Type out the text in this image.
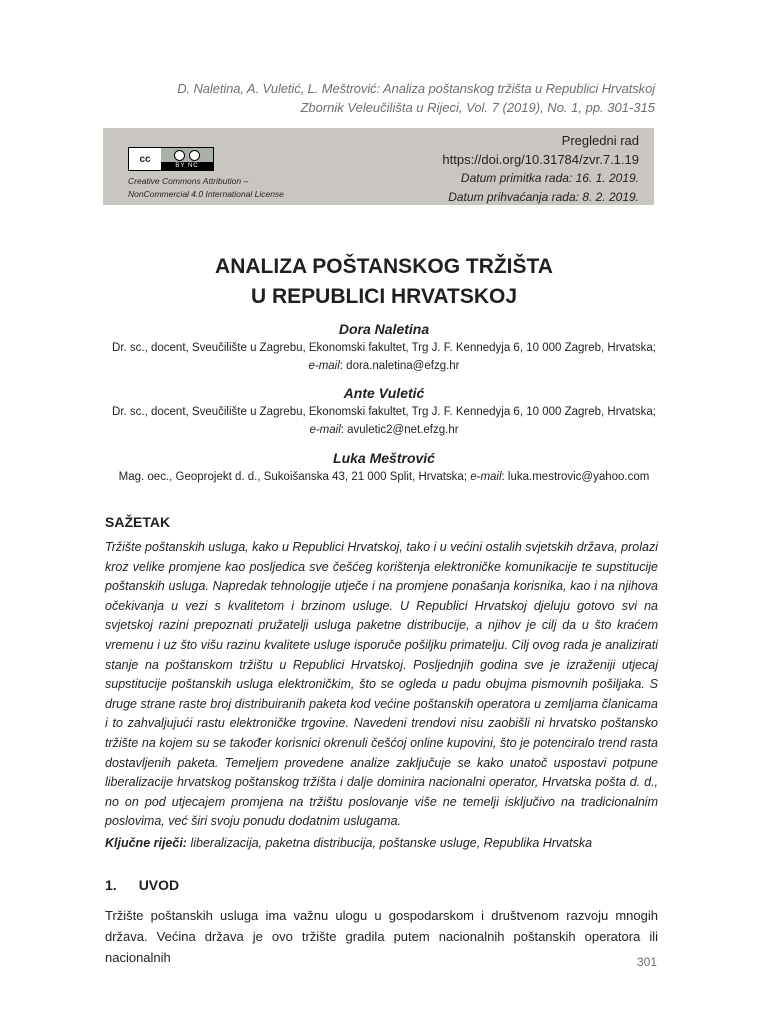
D. Naletina, A. Vuletić, L. Meštrović: Analiza poštanskog tržišta u Republici Hrvatskoj
Zbornik Veleučilišta u Rijeci, Vol. 7 (2019), No. 1, pp. 301-315
cc
BY NC
Creative Commons Attribution –
NonCommercial 4.0 International License
Pregledni rad
https://doi.org/10.31784/zvr.7.1.19
Datum primitka rada: 16. 1. 2019.
Datum prihvaćanja rada: 8. 2. 2019.
ANALIZA POŠTANSKOG TRŽIŠTA
U REPUBLICI HRVATSKOJ
Dora Naletina
Dr. sc., docent, Sveučilište u Zagrebu, Ekonomski fakultet, Trg J. F. Kennedyja 6, 10 000 Zagreb, Hrvatska;
e-mail: dora.naletina@efzg.hr
Ante Vuletić
Dr. sc., docent, Sveučilište u Zagrebu, Ekonomski fakultet, Trg J. F. Kennedyja 6, 10 000 Zagreb, Hrvatska;
e-mail: avuletic2@net.efzg.hr
Luka Meštrović
Mag. oec., Geoprojekt d. d., Sukoišanska 43, 21 000 Split, Hrvatska; e-mail: luka.mestrovic@yahoo.com
SAŽETAK
Tržište poštanskih usluga, kako u Republici Hrvatskoj, tako i u većini ostalih svjetskih država, prolazi kroz velike promjene kao posljedica sve češćeg korištenja elektroničke komunikacije te supstitucije poštanskih usluga. Napredak tehnologije utječe i na promjene ponašanja korisnika, kao i na njihova očekivanja u vezi s kvalitetom i brzinom usluge. U Republici Hrvatskoj djeluju gotovo svi na svjetskoj razini prepoznati pružatelji usluga paketne distribucije, a njihov je cilj da u što kraćem vremenu i uz što višu razinu kvalitete usluge isporuče pošiljku primatelju. Cilj ovog rada je analizirati stanje na poštanskom tržištu u Republici Hrvatskoj. Posljednjih godina sve je izraženiji utjecaj supstitucije poštanskih usluga elektroničkim, što se ogleda u padu obujma pismovnih pošiljaka. S druge strane raste broj distribuiranih paketa kod većine poštanskih operatora u zemljama članicama i to zahvaljujući rastu elektroničke trgovine. Navedeni trendovi nisu zaobišli ni hrvatsko poštansko tržište na kojem su se također korisnici okrenuli češćoj online kupovini, što je potenciralo trend rasta dostavljenih paketa. Temeljem provedene analize zaključuje se kako unatoč uspostavi potpune liberalizacije hrvatskog poštanskog tržišta i dalje dominira nacionalni operator, Hrvatska pošta d. d., no on pod utjecajem promjena na tržištu poslovanje više ne temelji isključivo na tradicionalnim poslovima, već širi svoju ponudu dodatnim uslugama.
Ključne riječi: liberalizacija, paketna distribucija, poštanske usluge, Republika Hrvatska
1. UVOD
Tržište poštanskih usluga ima važnu ulogu u gospodarskom i društvenom razvoju mnogih država. Većina država je ovo tržište gradila putem nacionalnih poštanskih operatora ili nacionalnih	301
